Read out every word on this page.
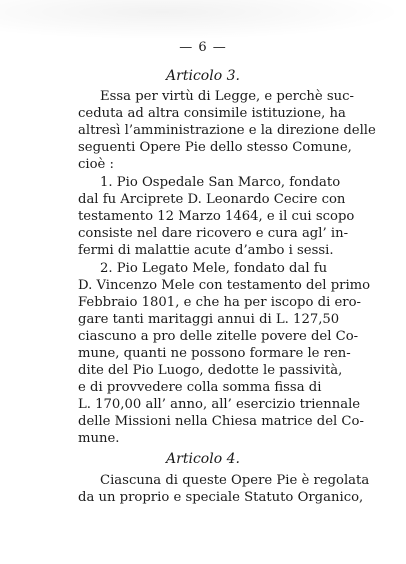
— 6 —
Articolo 3.
Essa per virtù di Legge, e perchè suc-
ceduta ad altra consimile istituzione, ha
altresì l’amministrazione e la direzione delle
seguenti Opere Pie dello stesso Comune,
cioè :
1. Pio Ospedale San Marco, fondato
dal fu Arciprete D. Leonardo Cecire con
testamento 12 Marzo 1464, e il cui scopo
consiste nel dare ricovero e cura agl’ in-
fermi di malattie acute d’ambo i sessi.
2. Pio Legato Mele, fondato dal fu
D. Vincenzo Mele con testamento del primo
Febbraio 1801, e che ha per iscopo di ero-
gare tanti maritaggi annui di L. 127,50
ciascuno a pro delle zitelle povere del Co-
mune, quanti ne possono formare le ren-
dite del Pio Luogo, dedotte le passività,
e di provvedere colla somma fissa di
L. 170,00 all’ anno, all’ esercizio triennale
delle Missioni nella Chiesa matrice del Co-
mune.
Articolo 4.
Ciascuna di queste Opere Pie è regolata
da un proprio e speciale Statuto Organico,
